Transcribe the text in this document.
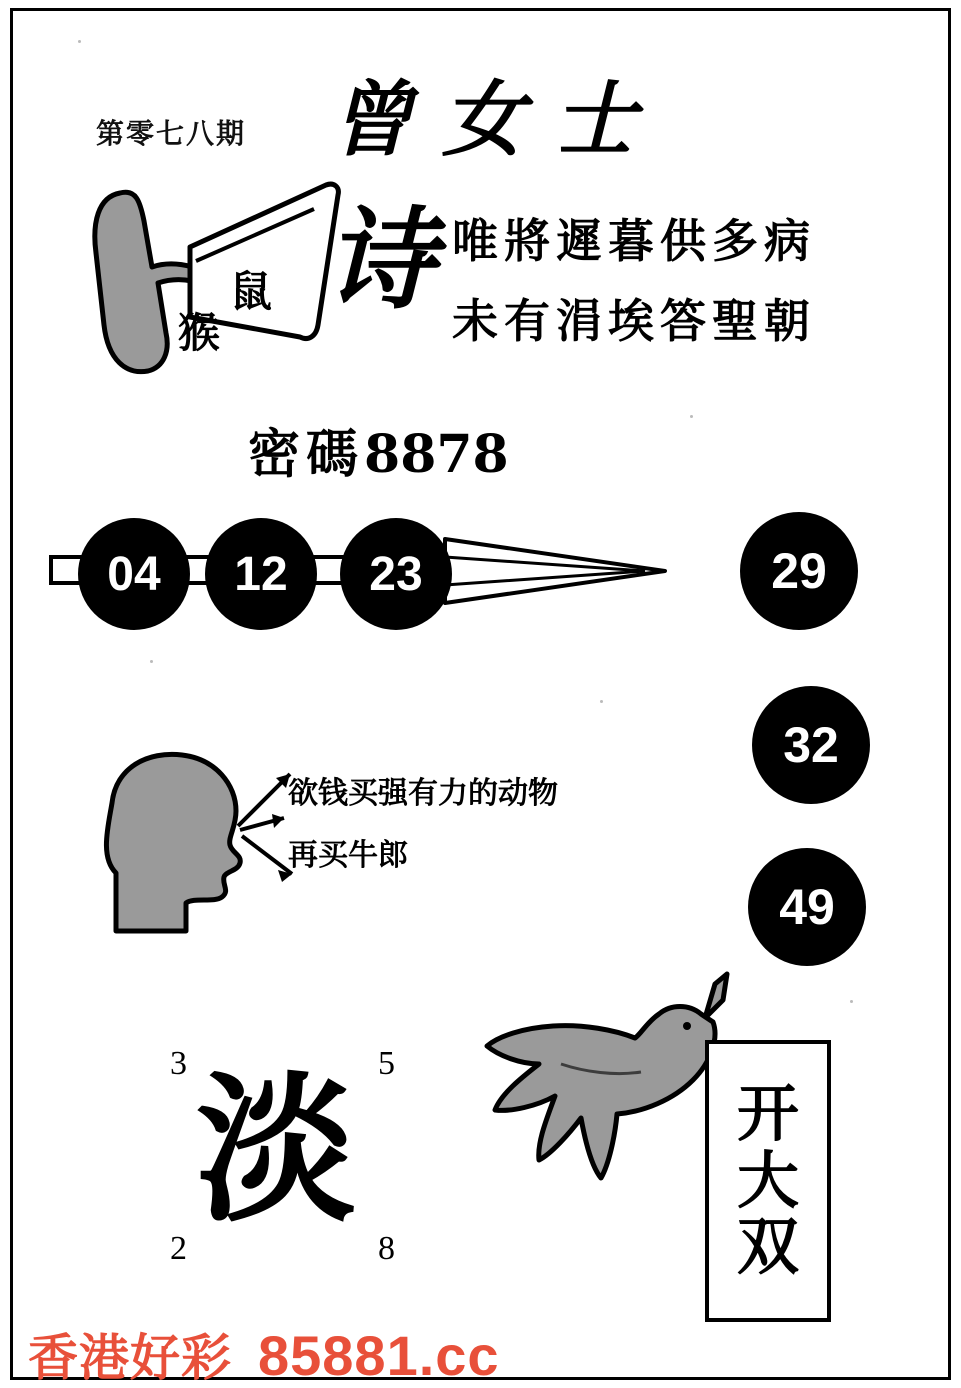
第零七八期 曾女士
鼠
猴
诗 唯將遲暮供多病
未有涓埃答聖朝
密碼8878
04	12	23	29
32
49
欲钱买强有力的动物
再买牛郎
3	5
2	8
淡	开
大
双
香港好彩 85881.cc
